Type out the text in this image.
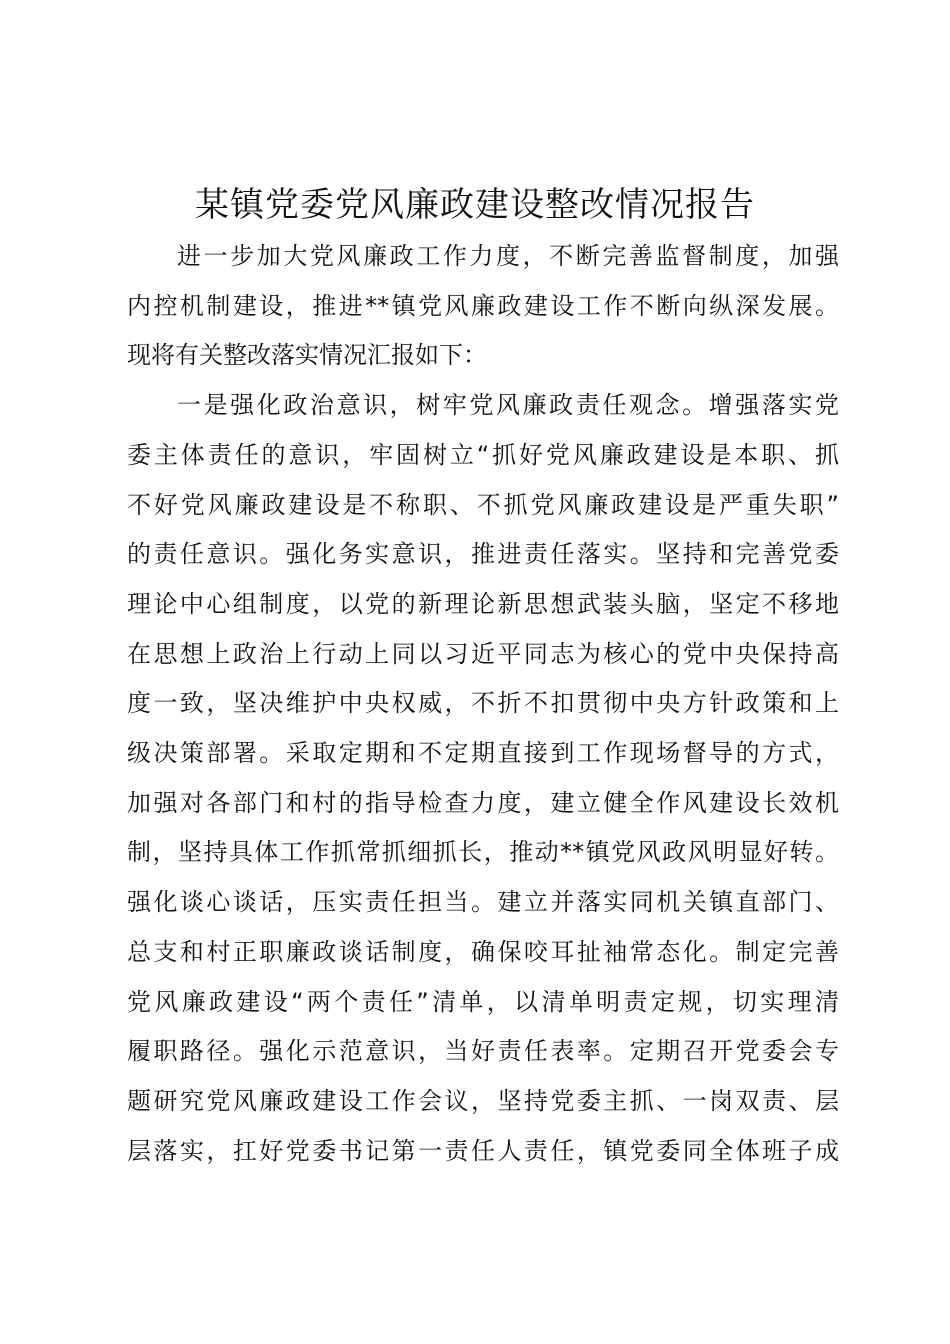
某镇党委党风廉政建设整改情况报告
进一步加大党风廉政工作力度，不断完善监督制度，加强
内控机制建设，推进**镇党风廉政建设工作不断向纵深发展。
现将有关整改落实情况汇报如下：
一是强化政治意识，树牢党风廉政责任观念。增强落实党
委主体责任的意识，牢固树立“抓好党风廉政建设是本职、抓
不好党风廉政建设是不称职、不抓党风廉政建设是严重失职”
的责任意识。强化务实意识，推进责任落实。坚持和完善党委
理论中心组制度，以党的新理论新思想武装头脑，坚定不移地
在思想上政治上行动上同以习近平同志为核心的党中央保持高
度一致，坚决维护中央权威，不折不扣贯彻中央方针政策和上
级决策部署。采取定期和不定期直接到工作现场督导的方式，
加强对各部门和村的指导检查力度，建立健全作风建设长效机
制，坚持具体工作抓常抓细抓长，推动**镇党风政风明显好转。
强化谈心谈话，压实责任担当。建立并落实同机关镇直部门、
总支和村正职廉政谈话制度，确保咬耳扯袖常态化。制定完善
党风廉政建设“两个责任”清单，以清单明责定规，切实理清
履职路径。强化示范意识，当好责任表率。定期召开党委会专
题研究党风廉政建设工作会议，坚持党委主抓、一岗双责、层
层落实，扛好党委书记第一责任人责任，镇党委同全体班子成
